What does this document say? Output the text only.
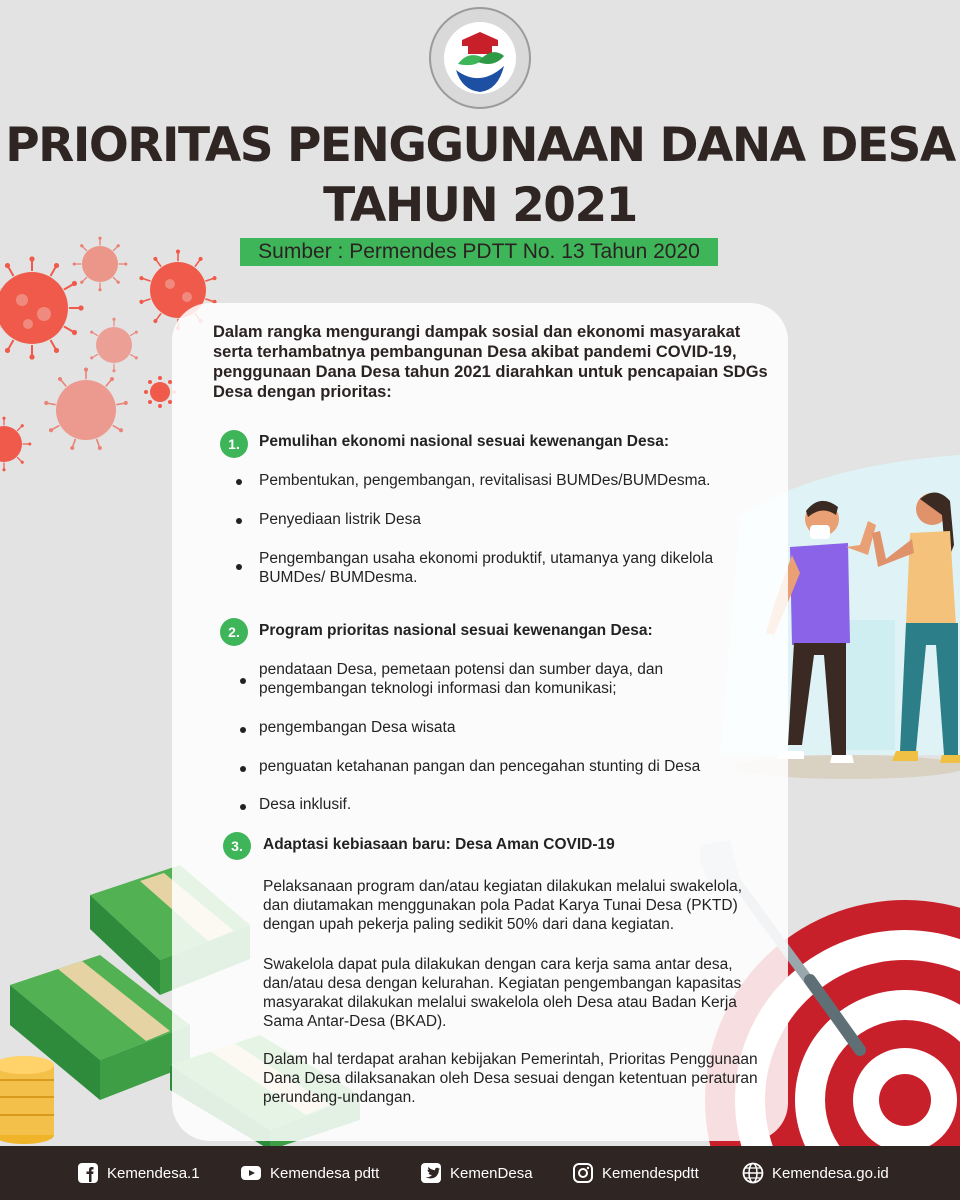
PRIORITAS PENGGUNAAN DANA DESA
TAHUN 2021
Sumber : Permendes PDTT No. 13 Tahun 2020
Dalam rangka mengurangi dampak sosial dan ekonomi masyarakat serta terhambatnya pembangunan Desa akibat pandemi COVID-19, penggunaan Dana Desa tahun 2021 diarahkan untuk pencapaian SDGs Desa dengan prioritas:
1.	Pemulihan ekonomi nasional sesuai kewenangan Desa:
Pembentukan, pengembangan, revitalisasi BUMDes/BUMDesma.
Penyediaan listrik Desa
Pengembangan usaha ekonomi produktif, utamanya yang dikelola BUMDes/ BUMDesma.
2.	Program prioritas nasional sesuai kewenangan Desa:
pendataan Desa, pemetaan potensi dan sumber daya, dan pengembangan teknologi informasi dan komunikasi;
pengembangan Desa wisata
penguatan ketahanan pangan dan pencegahan stunting di Desa
Desa inklusif.
3.	Adaptasi kebiasaan baru: Desa Aman COVID-19
Pelaksanaan program dan/atau kegiatan dilakukan melalui swakelola, dan diutamakan menggunakan pola Padat Karya Tunai Desa (PKTD) dengan upah pekerja paling sedikit 50% dari dana kegiatan.
Swakelola dapat pula dilakukan dengan cara kerja sama antar desa, dan/atau desa dengan kelurahan. Kegiatan pengembangan kapasitas masyarakat dilakukan melalui swakelola oleh Desa atau Badan Kerja Sama Antar-Desa (BKAD).
Dalam hal terdapat arahan kebijakan Pemerintah, Prioritas Penggunaan Dana Desa dilaksanakan oleh Desa sesuai dengan ketentuan peraturan perundang-undangan.
Kemendesa.1	Kemendesa pdtt	KemenDesa	Kemendespdtt	Kemendesa.go.id
